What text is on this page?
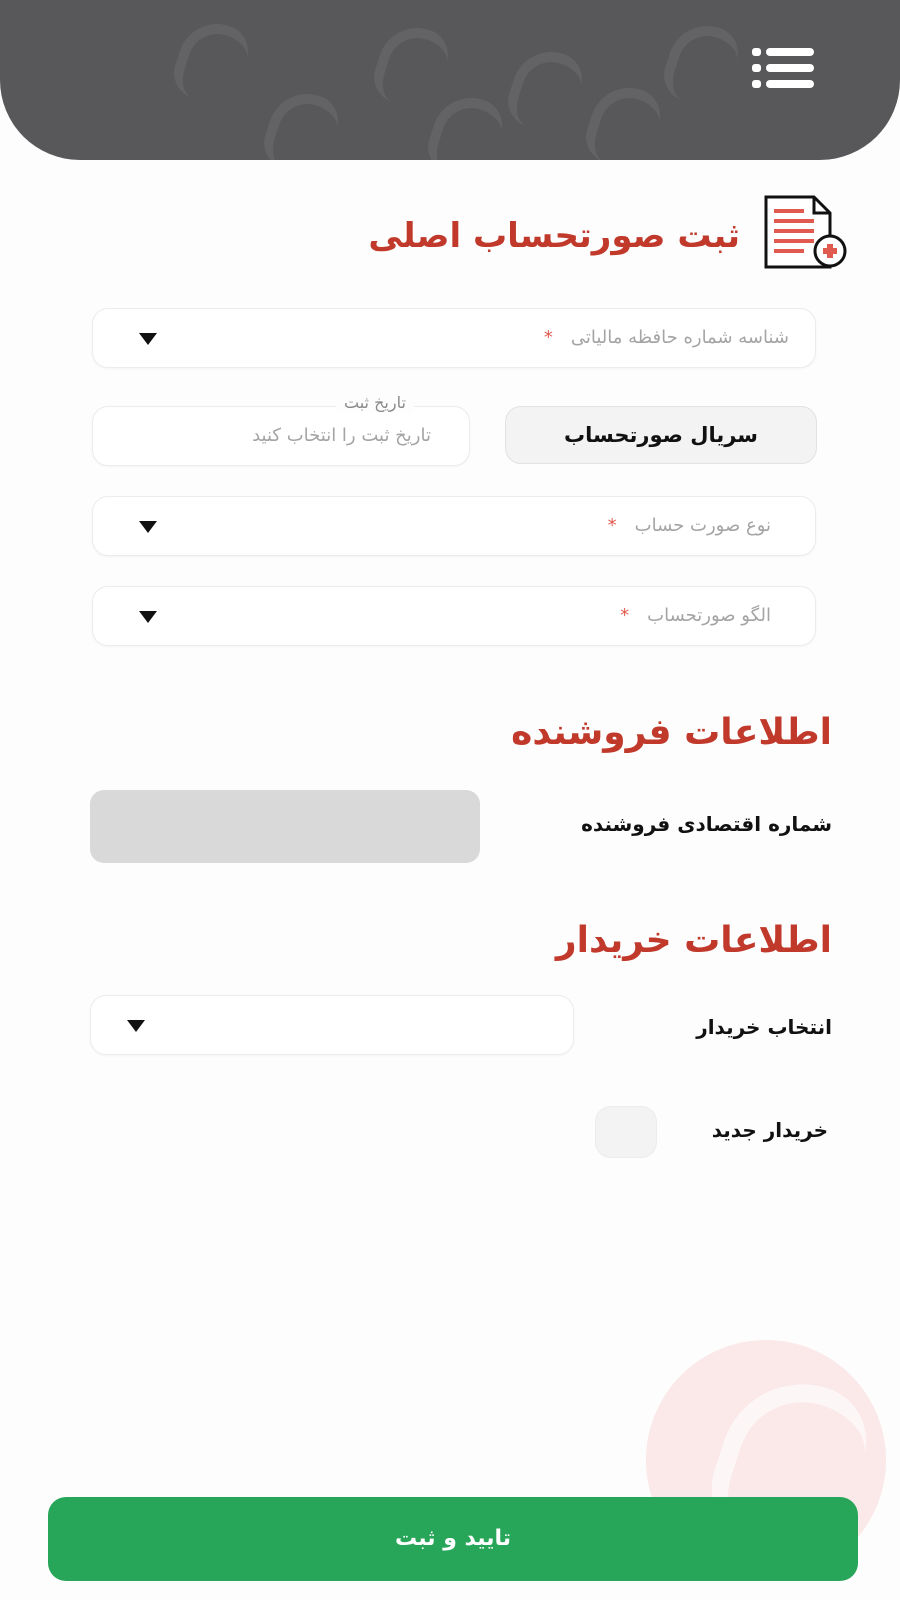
ثبت صورتحساب اصلی
شناسه شماره حافظه مالیاتی*
تاریخ ثبت را انتخاب کنید
تاریخ ثبت
سریال صورتحساب
نوع صورت حساب*
الگو صورتحساب*
اطلاعات فروشنده
شماره اقتصادی فروشنده
اطلاعات خریدار
انتخاب خریدار
خریدار جدید
تایید و ثبت
